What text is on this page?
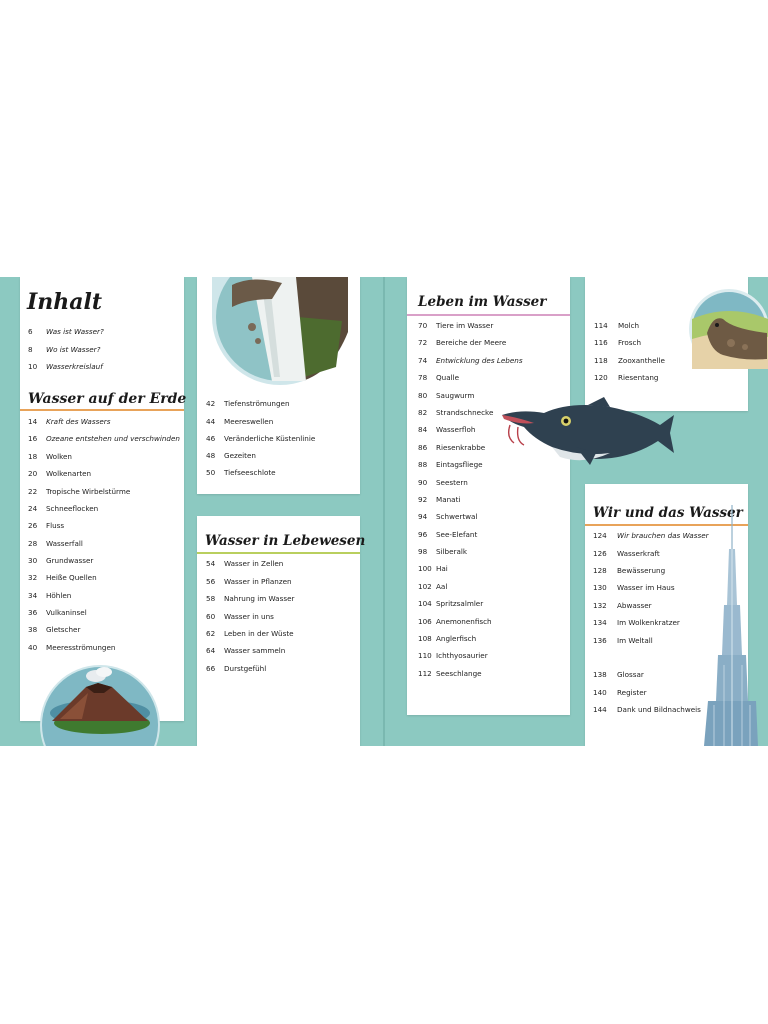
Inhalt
6 Was ist Wasser?
8 Wo ist Wasser?
10 Wasserkreislauf
Wasser auf der Erde
14 Kraft des Wassers
16 Ozeane entstehen und verschwinden
18 Wolken
20 Wolkenarten
22 Tropische Wirbelstürme
24 Schneeflocken
26 Fluss
28 Wasserfall
30 Grundwasser
32 Heiße Quellen
34 Höhlen
36 Vulkaninsel
38 Gletscher
40 Meeresströmungen
42 Tiefenströmungen
44 Meereswellen
46 Veränderliche Küstenlinie
48 Gezeiten
50 Tiefseeschlote
Wasser in Lebewesen
54 Wasser in Zellen
56 Wasser in Pflanzen
58 Nahrung im Wasser
60 Wasser in uns
62 Leben in der Wüste
64 Wasser sammeln
66 Durstgefühl
Leben im Wasser
70 Tiere im Wasser
72 Bereiche der Meere
74 Entwicklung des Lebens
78 Qualle
80 Saugwurm
82 Strandschnecke
84 Wasserfloh
86 Riesenkrabbe
88 Eintagsfliege
90 Seestern
92 Manati
94 Schwertwal
96 See-Elefant
98 Silberalk
100 Hai
102 Aal
104 Spritzsalmler
106 Anemonenfisch
108 Anglerfisch
110 Ichthyosaurier
112 Seeschlange
114 Molch
116 Frosch
118 Zooxanthelle
120 Riesentang
Wir und das Wasser
124 Wir brauchen das Wasser
126 Wasserkraft
128 Bewässerung
130 Wasser im Haus
132 Abwasser
134 Im Wolkenkratzer
136 Im Weltall
138 Glossar
140 Register
144 Dank und Bildnachweis
